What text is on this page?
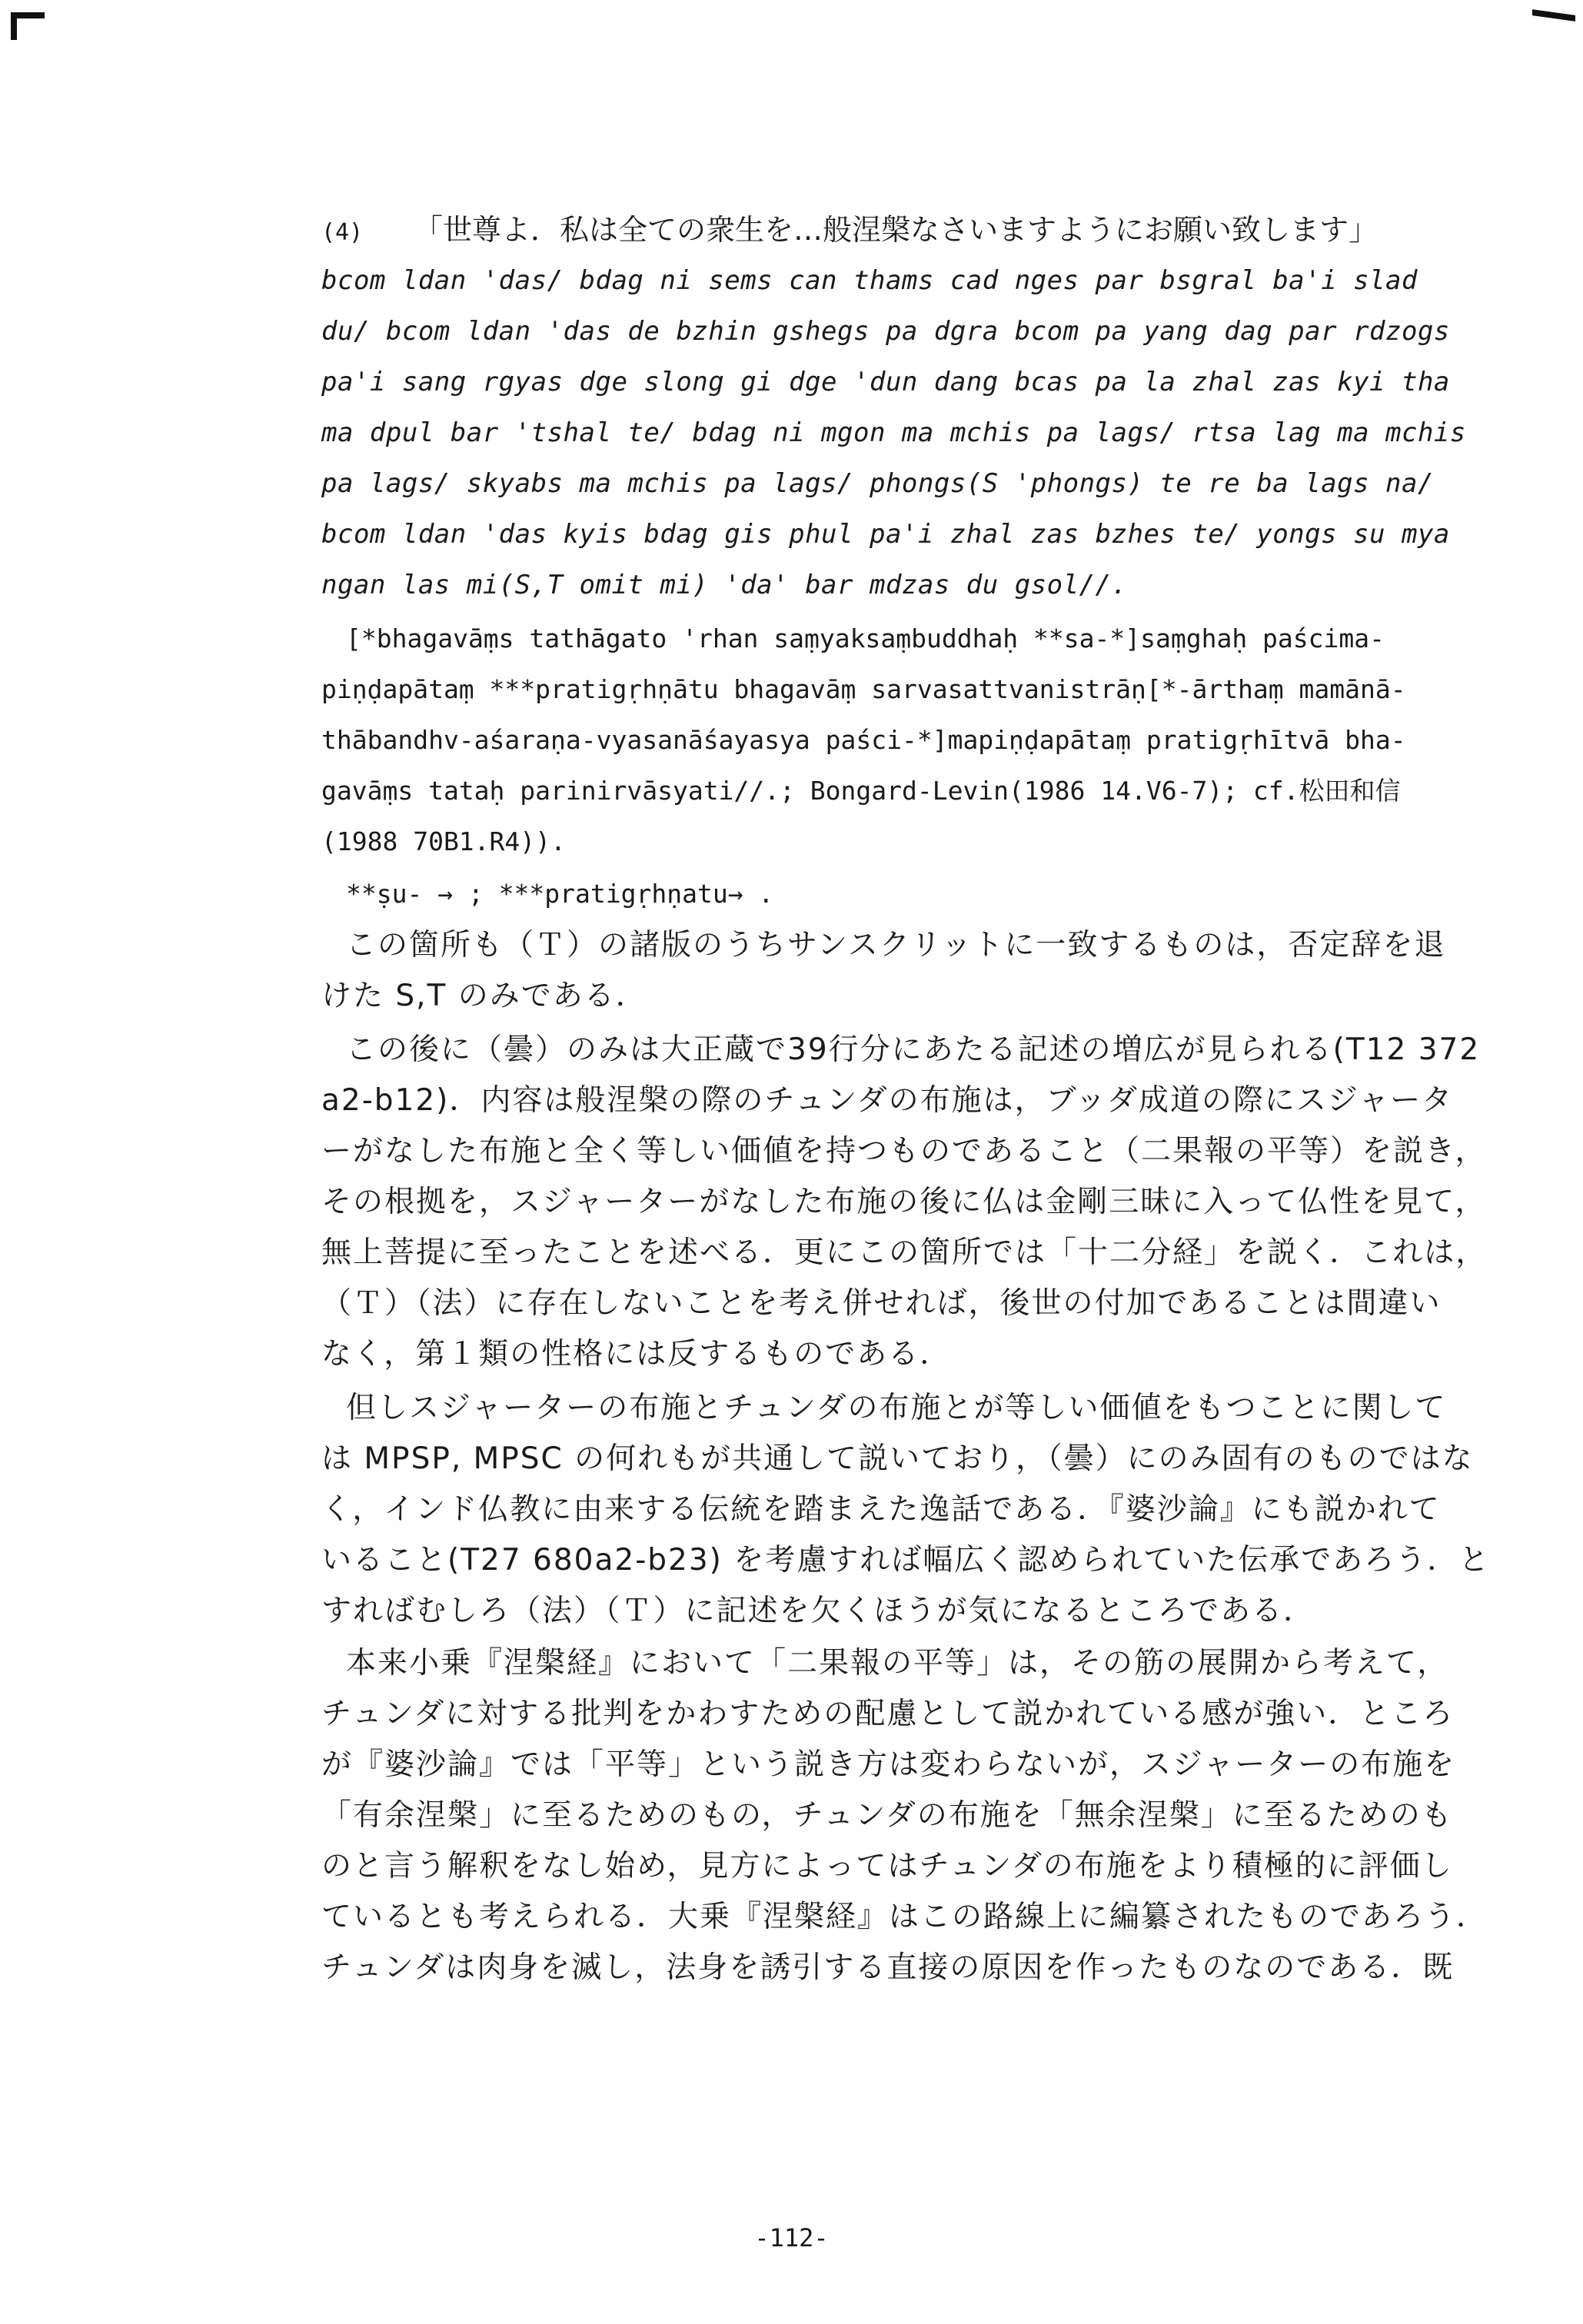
(4) 「世尊よ．私は全ての衆生を…般涅槃なさいますようにお願い致します」
bcom ldan 'das/ bdag ni sems can thams cad nges par bsgral ba'i slad
du/ bcom ldan 'das de bzhin gshegs pa dgra bcom pa yang dag par rdzogs
pa'i sang rgyas dge slong gi dge 'dun dang bcas pa la zhal zas kyi tha
ma dpul bar 'tshal te/ bdag ni mgon ma mchis pa lags/ rtsa lag ma mchis
pa lags/ skyabs ma mchis pa lags/ phongs(S 'phongs) te re ba lags na/
bcom ldan 'das kyis bdag gis phul pa'i zhal zas bzhes te/ yongs su mya
ngan las mi(S,T omit mi) 'da' bar mdzas du gsol//.
[*bhagavāṃs tathāgato 'rhan saṃyaksaṃbuddhaḥ **sa-*]saṃghaḥ paścima-
piṇḍapātaṃ ***pratigṛhṇātu bhagavāṃ sarvasattvanistrāṇ[*-ārthaṃ mamānā-
thābandhv-aśaraṇa-vyasanāśayasya paści-*]mapiṇḍapātaṃ pratigṛhītvā bha-
gavāṃs tataḥ parinirvāsyati//.; Bongard-Levin(1986 14.V6-7); cf.松田和信
(1988 70B1.R4)).
**ṣu- → ; ***pratigṛhṇatu→ .
この箇所も（Ｔ）の諸版のうちサンスクリットに一致するものは，否定辞を退
けた S,T のみである．
この後に（曇）のみは大正蔵で39行分にあたる記述の増広が見られる(T12 372
a2-b12)．内容は般涅槃の際のチュンダの布施は，ブッダ成道の際にスジャータ
ーがなした布施と全く等しい価値を持つものであること（二果報の平等）を説き，
その根拠を，スジャーターがなした布施の後に仏は金剛三昧に入って仏性を見て，
無上菩提に至ったことを述べる．更にこの箇所では「十二分経」を説く．これは，
（Ｔ）（法）に存在しないことを考え併せれば，後世の付加であることは間違い
なく，第１類の性格には反するものである．
但しスジャーターの布施とチュンダの布施とが等しい価値をもつことに関して
は MPSP, MPSC の何れもが共通して説いており，（曇）にのみ固有のものではな
く，インド仏教に由来する伝統を踏まえた逸話である．『婆沙論』にも説かれて
いること(T27 680a2-b23) を考慮すれば幅広く認められていた伝承であろう．と
すればむしろ（法）（Ｔ）に記述を欠くほうが気になるところである．
本来小乗『涅槃経』において「二果報の平等」は，その筋の展開から考えて，
チュンダに対する批判をかわすための配慮として説かれている感が強い．ところ
が『婆沙論』では「平等」という説き方は変わらないが，スジャーターの布施を
「有余涅槃」に至るためのもの，チュンダの布施を「無余涅槃」に至るためのも
のと言う解釈をなし始め，見方によってはチュンダの布施をより積極的に評価し
ているとも考えられる．大乗『涅槃経』はこの路線上に編纂されたものであろう．
チュンダは肉身を滅し，法身を誘引する直接の原因を作ったものなのである．既
-112-
